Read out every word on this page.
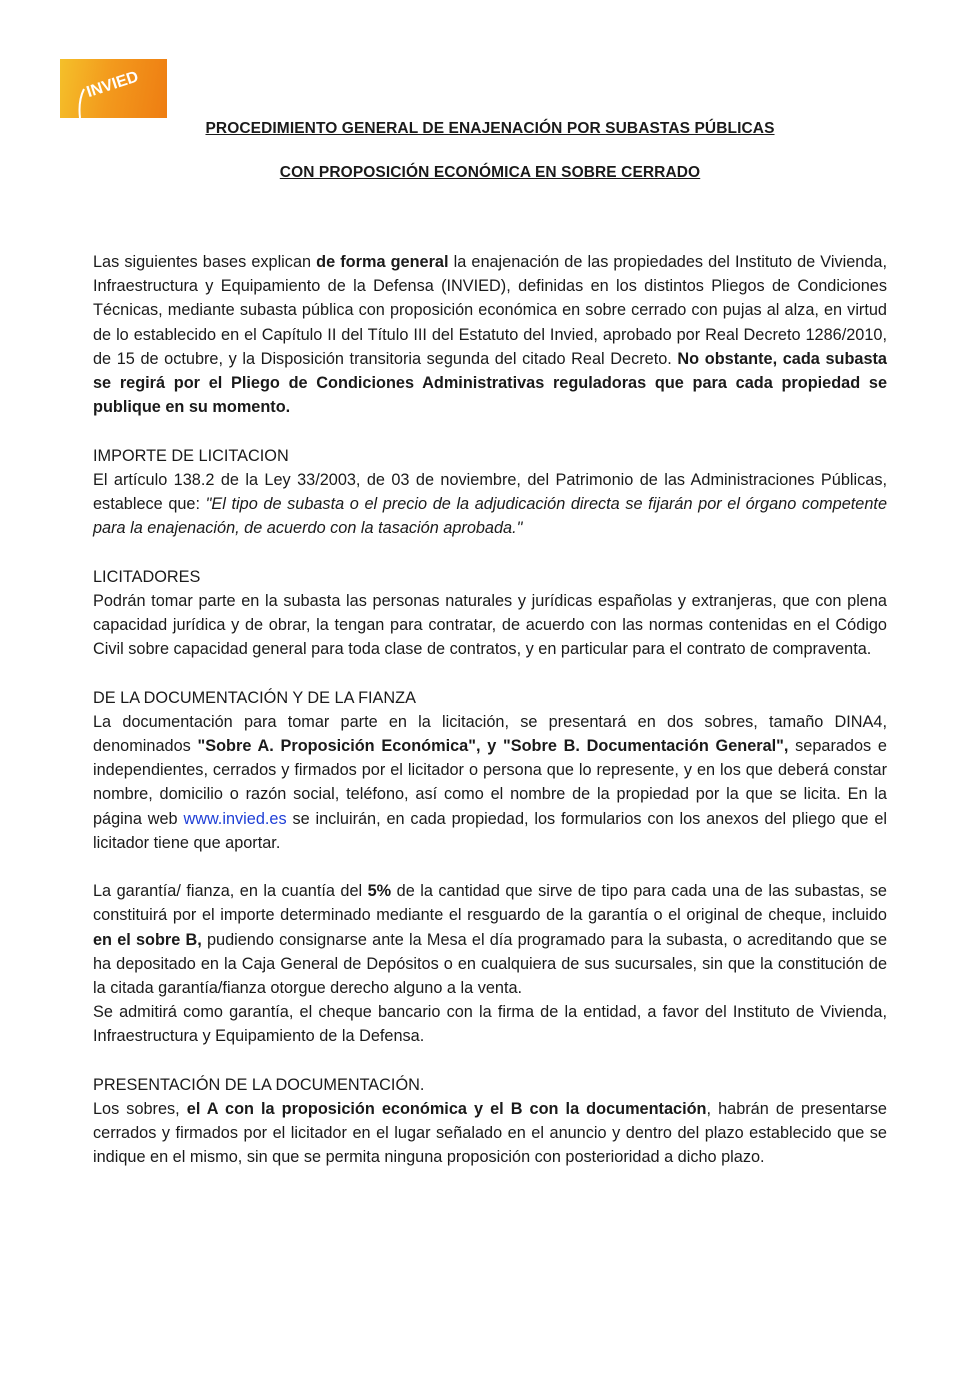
INVIED
PROCEDIMIENTO GENERAL DE ENAJENACIÓN POR SUBASTAS PÚBLICAS
CON PROPOSICIÓN ECONÓMICA EN SOBRE CERRADO

Las siguientes bases explican de forma general la enajenación de las propiedades del Instituto de Vivienda, Infraestructura y Equipamiento de la Defensa (INVIED), definidas en los distintos Pliegos de Condiciones Técnicas, mediante subasta pública con proposición económica en sobre cerrado con pujas al alza, en virtud de lo establecido en el Capítulo II del Título III del Estatuto del Invied, aprobado por Real Decreto 1286/2010, de 15 de octubre, y la Disposición transitoria segunda del citado Real Decreto. No obstante, cada subasta se regirá por el Pliego de Condiciones Administrativas reguladoras que para cada propiedad se publique en su momento.

IMPORTE DE LICITACION

El artículo 138.2 de la Ley 33/2003, de 03 de noviembre, del Patrimonio de las Administraciones Públicas, establece que: "El tipo de subasta o el precio de la adjudicación directa se fijarán por el órgano competente para la enajenación, de acuerdo con la tasación aprobada."

LICITADORES

Podrán tomar parte en la subasta las personas naturales y jurídicas españolas y extranjeras, que con plena capacidad jurídica y de obrar, la tengan para contratar, de acuerdo con las normas contenidas en el Código Civil sobre capacidad general para toda clase de contratos, y en particular para el contrato de compraventa.

DE LA DOCUMENTACIÓN Y DE LA FIANZA

La documentación para tomar parte en la licitación, se presentará en dos sobres, tamaño DINA4, denominados "Sobre A. Proposición Económica", y "Sobre B. Documentación General", separados e independientes, cerrados y firmados por el licitador o persona que lo represente, y en los que deberá constar nombre, domicilio o razón social, teléfono, así como el nombre de la propiedad por la que se licita. En la página web www.invied.es se incluirán, en cada propiedad, los formularios con los anexos del pliego que el licitador tiene que aportar.

La garantía/ fianza, en la cuantía del 5% de la cantidad que sirve de tipo para cada una de las subastas, se constituirá por el importe determinado mediante el resguardo de la garantía o el original de cheque, incluido en el sobre B, pudiendo consignarse ante la Mesa el día programado para la subasta, o acreditando que se ha depositado en la Caja General de Depósitos o en cualquiera de sus sucursales, sin que la constitución de la citada garantía/fianza otorgue derecho alguno a la venta.

Se admitirá como garantía, el cheque bancario con la firma de la entidad, a favor del Instituto de Vivienda, Infraestructura y Equipamiento de la Defensa.

PRESENTACIÓN DE LA DOCUMENTACIÓN.

Los sobres, el A con la proposición económica y el B con la documentación, habrán de presentarse cerrados y firmados por el licitador en el lugar señalado en el anuncio y dentro del plazo establecido que se indique en el mismo, sin que se permita ninguna proposición con posterioridad a dicho plazo.
